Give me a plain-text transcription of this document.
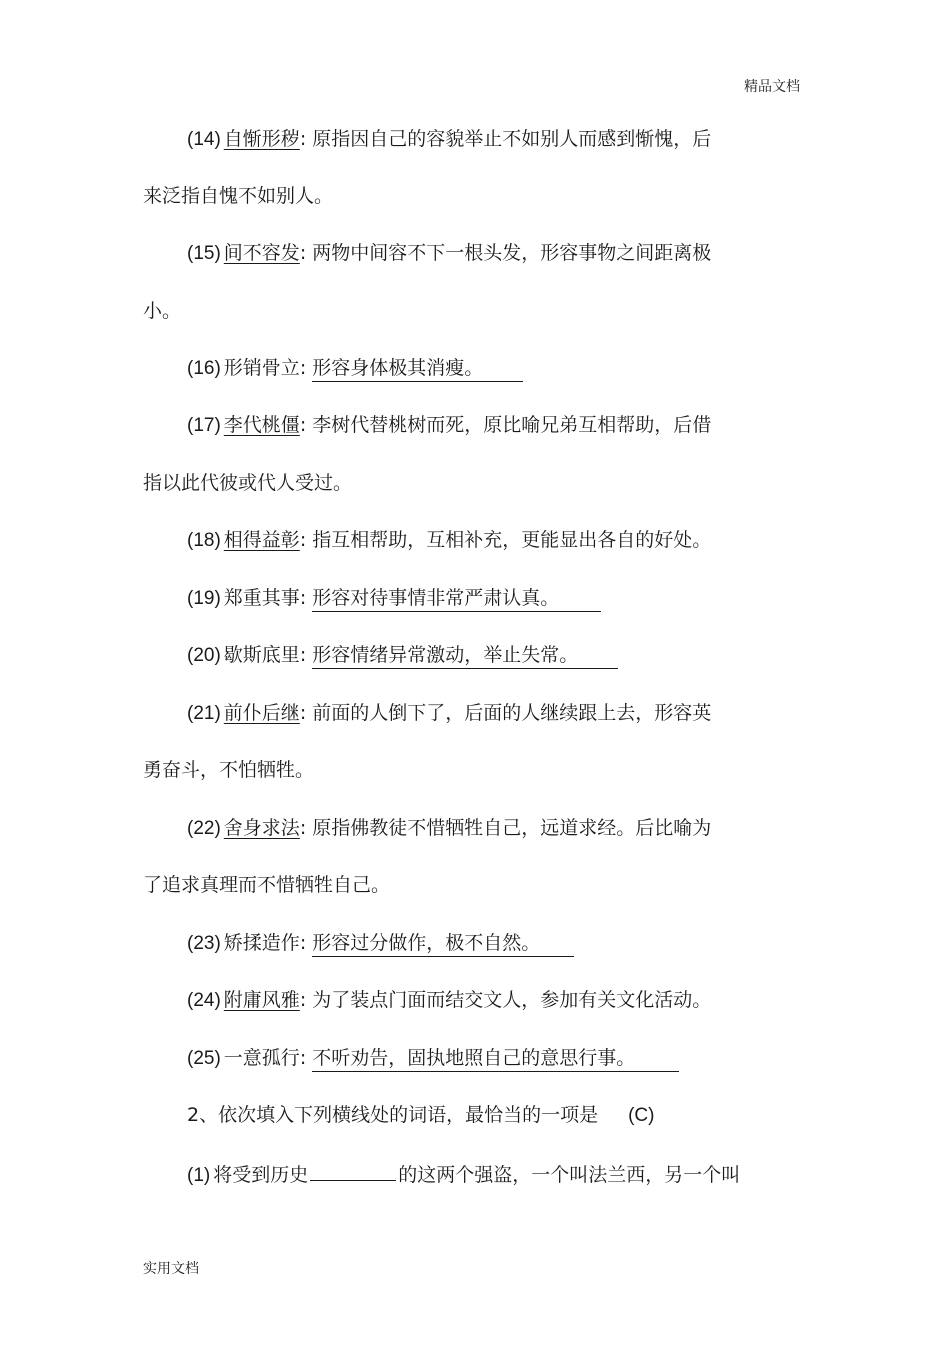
精品文档
(14) 自惭形秽: 原指因自己的容貌举止不如别人而感到惭愧，后
来泛指自愧不如别人。
(15) 间不容发: 两物中间容不下一根头发，形容事物之间距离极
小。
(16) 形销骨立: 形容身体极其消瘦。
(17) 李代桃僵: 李树代替桃树而死，原比喻兄弟互相帮助，后借
指以此代彼或代人受过。
(18) 相得益彰: 指互相帮助，互相补充，更能显出各自的好处。
(19) 郑重其事: 形容对待事情非常严肃认真。
(20) 歇斯底里: 形容情绪异常激动，举止失常。
(21) 前仆后继: 前面的人倒下了，后面的人继续跟上去，形容英
勇奋斗，不怕牺牲。
(22) 舍身求法: 原指佛教徒不惜牺牲自己，远道求经。后比喻为
了追求真理而不惜牺牲自己。
(23) 矫揉造作: 形容过分做作，极不自然。
(24) 附庸风雅: 为了装点门面而结交文人，参加有关文化活动。
(25) 一意孤行: 不听劝告，固执地照自己的意思行事。
2、依次填入下列横线处的词语，最恰当的一项是 (C)
(1) 将受到历史	的这两个强盗，一个叫法兰西，另一个叫
实用文档
